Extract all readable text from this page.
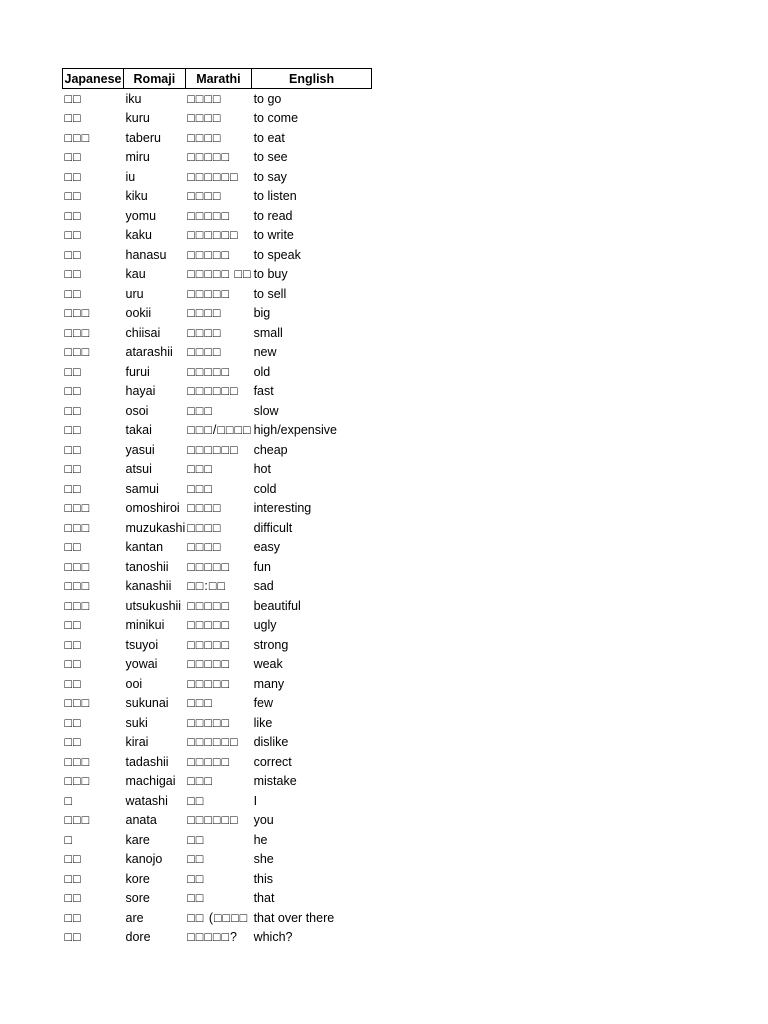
Japanese	Romaji	Marathi	English
□□	iku	□□□□	to go
□□	kuru	□□□□	to come
□□□	taberu	□□□□	to eat
□□	miru	□□□□□	to see
□□	iu	□□□□□□	to say
□□	kiku	□□□□	to listen
□□	yomu	□□□□□	to read
□□	kaku	□□□□□□	to write
□□	hanasu	□□□□□	to speak
□□	kau	□□□□□ □□	to buy
□□	uru	□□□□□	to sell
□□□	ookii	□□□□	big
□□□	chiisai	□□□□	small
□□□	atarashii	□□□□	new
□□	furui	□□□□□	old
□□	hayai	□□□□□□	fast
□□	osoi	□□□	slow
□□	takai	□□□/□□□□	high/expensive
□□	yasui	□□□□□□	cheap
□□	atsui	□□□	hot
□□	samui	□□□	cold
□□□	omoshiroi	□□□□	interesting
□□□	muzukashi	□□□□	difficult
□□	kantan	□□□□	easy
□□□	tanoshii	□□□□□	fun
□□□	kanashii	□□:□□	sad
□□□	utsukushii	□□□□□	beautiful
□□	minikui	□□□□□	ugly
□□	tsuyoi	□□□□□	strong
□□	yowai	□□□□□	weak
□□	ooi	□□□□□	many
□□□	sukunai	□□□	few
□□	suki	□□□□□	like
□□	kirai	□□□□□□	dislike
□□□	tadashii	□□□□□	correct
□□□	machigai	□□□	mistake
□	watashi	□□	I
□□□	anata	□□□□□□	you
□	kare	□□	he
□□	kanojo	□□	she
□□	kore	□□	this
□□	sore	□□	that
□□	are	□□ (□□□□	that over there
□□	dore	□□□□□?	which?
